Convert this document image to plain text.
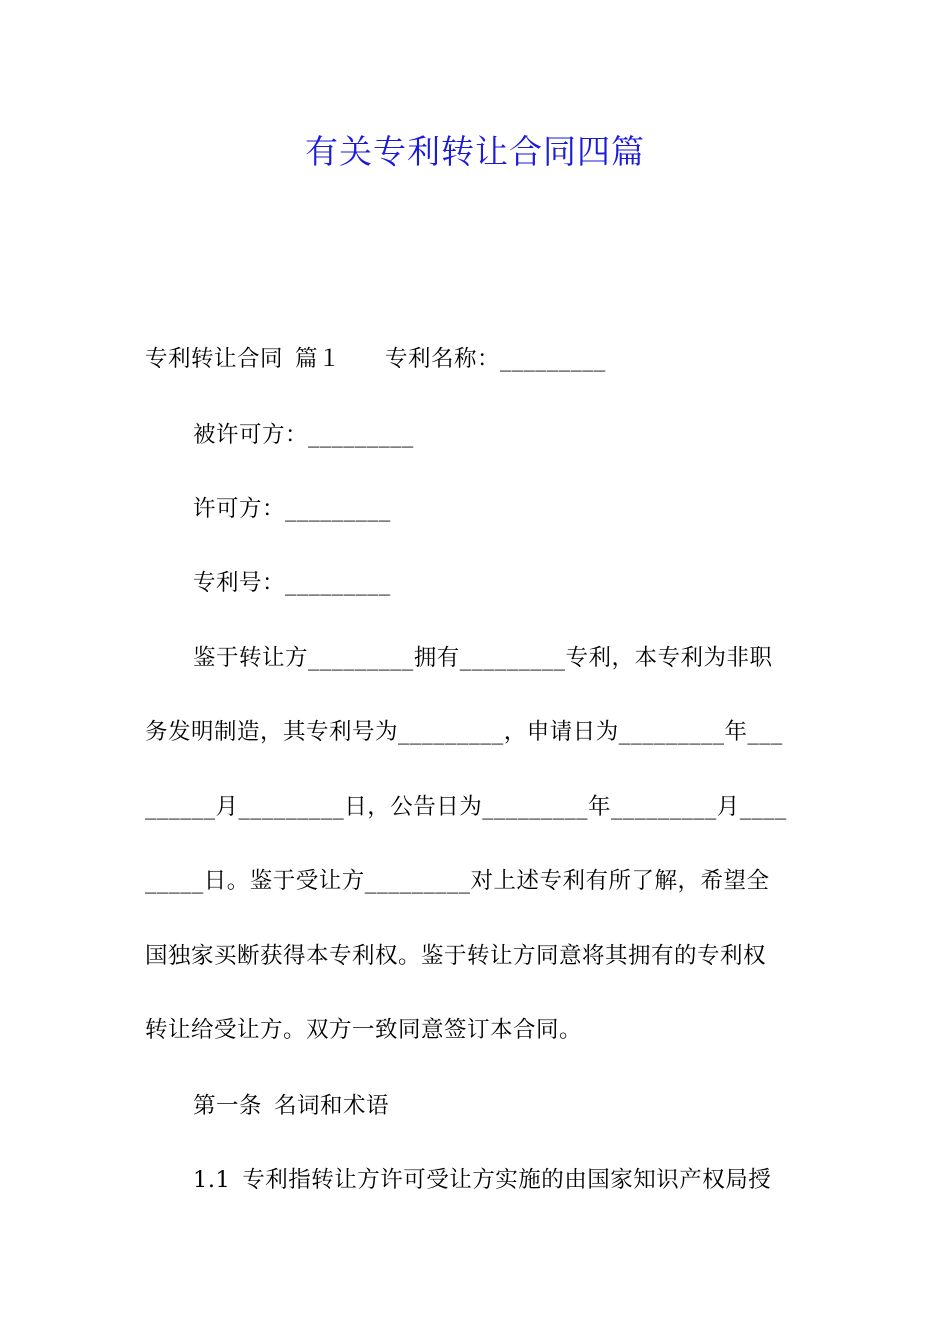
有关专利转让合同四篇
专利转让合同 篇１ 专利名称：_________
被许可方：_________
许可方：_________
专利号：_________
鉴于转让方_________拥有_________专利，本专利为非职
务发明制造，其专利号为_________，申请日为_________年___
______月_________日，公告日为_________年_________月____
_____日。鉴于受让方_________对上述专利有所了解，希望全
国独家买断获得本专利权。鉴于转让方同意将其拥有的专利权
转让给受让方。双方一致同意签订本合同。
第一条 名词和术语
1.1 专利指转让方许可受让方实施的由国家知识产权局授
